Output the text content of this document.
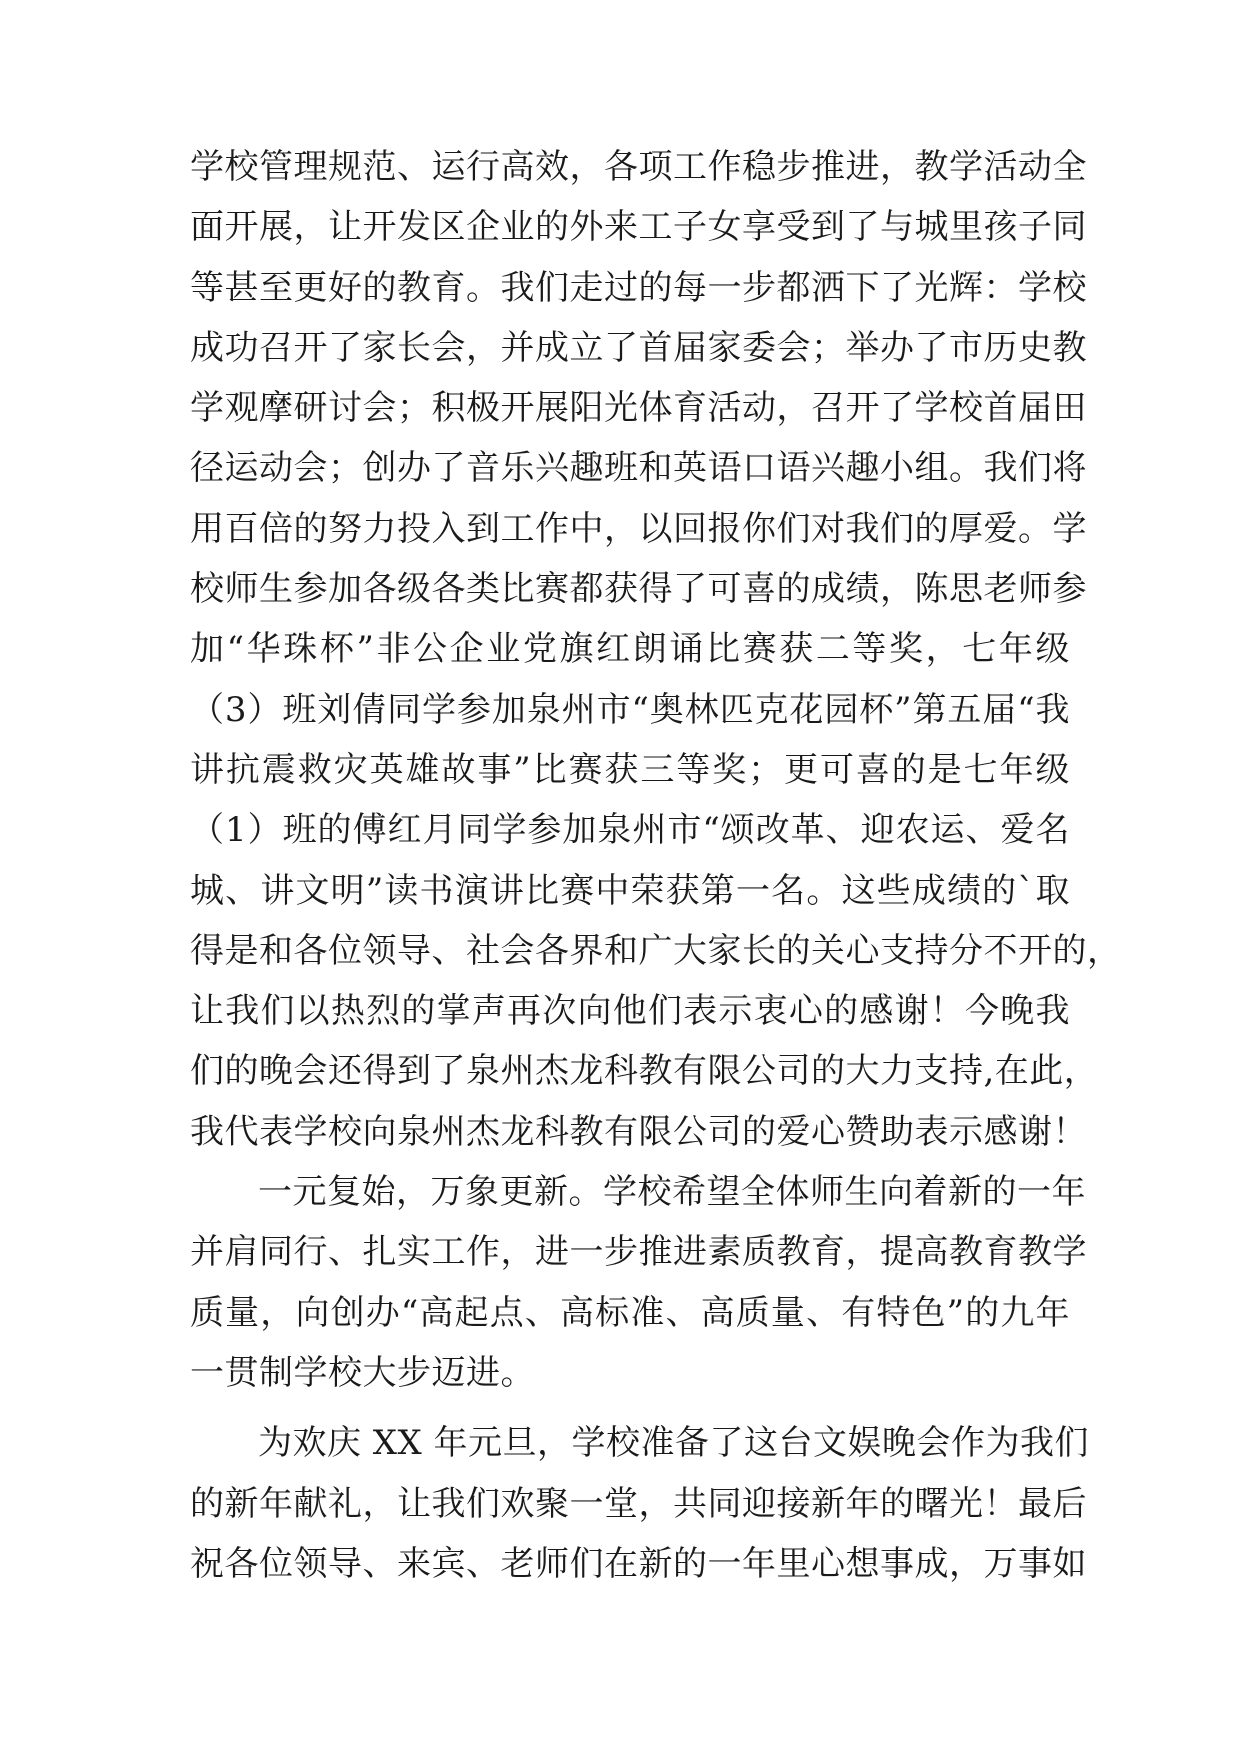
学校管理规范、运行高效，各项工作稳步推进，教学活动全
面开展，让开发区企业的外来工子女享受到了与城里孩子同
等甚至更好的教育。我们走过的每一步都洒下了光辉：学校
成功召开了家长会，并成立了首届家委会；举办了市历史教
学观摩研讨会；积极开展阳光体育活动，召开了学校首届田
径运动会；创办了音乐兴趣班和英语口语兴趣小组。我们将
用百倍的努力投入到工作中，以回报你们对我们的厚爱。学
校师生参加各级各类比赛都获得了可喜的成绩，陈思老师参
加“华珠杯”非公企业党旗红朗诵比赛获二等奖，七年级
（3）班刘倩同学参加泉州市“奥林匹克花园杯”第五届“我
讲抗震救灾英雄故事”比赛获三等奖；更可喜的是七年级
（1）班的傅红月同学参加泉州市“颂改革、迎农运、爱名
城、讲文明”读书演讲比赛中荣获第一名。这些成绩的`取
得是和各位领导、社会各界和广大家长的关心支持分不开的，
让我们以热烈的掌声再次向他们表示衷心的感谢！今晚我
们的晚会还得到了泉州杰龙科教有限公司的大力支持,在此，
我代表学校向泉州杰龙科教有限公司的爱心赞助表示感谢！
一元复始，万象更新。学校希望全体师生向着新的一年
并肩同行、扎实工作，进一步推进素质教育，提高教育教学
质量，向创办“高起点、高标准、高质量、有特色”的九年
一贯制学校大步迈进。
为欢庆 XX 年元旦，学校准备了这台文娱晚会作为我们
的新年献礼，让我们欢聚一堂，共同迎接新年的曙光！最后
祝各位领导、来宾、老师们在新的一年里心想事成，万事如
